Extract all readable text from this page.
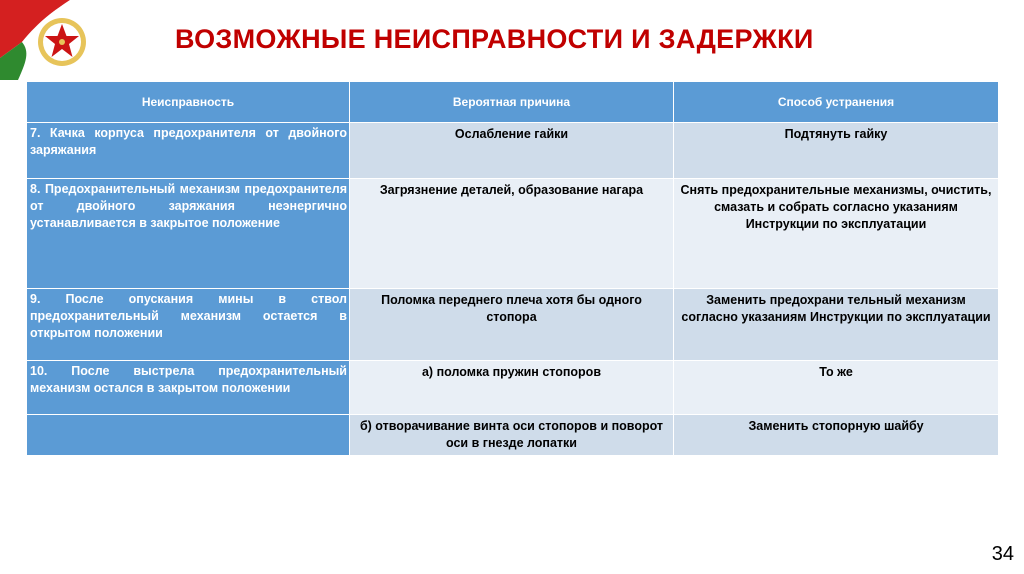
ВОЗМОЖНЫЕ НЕИСПРАВНОСТИ И ЗАДЕРЖКИ
Неисправность	Вероятная причина	Способ устранения
7. Качка корпуса предохранителя от двойного заряжания	Ослабление гайки	Подтянуть гайку
8. Предохранительный механизм предохранителя от двойного заряжания неэнергично устанавливается в закрытое положение	Загрязнение деталей, образование нагара	Снять предохранительные механизмы, очистить, смазать и собрать согласно указаниям Инструкции по эксплуатации
9. После опускания мины в ствол предохранительный механизм остается в открытом положении	Поломка переднего плеча хотя бы одного стопора	Заменить предохрани тельный механизм согласно указаниям Инструкции по эксплуатации
10. После выстрела предохранительный механизм остался в закрытом положении	а) поломка пружин стопоров	То же
	б) отворачивание винта оси стопоров и поворот оси в гнезде лопатки	Заменить стопорную шайбу
34
